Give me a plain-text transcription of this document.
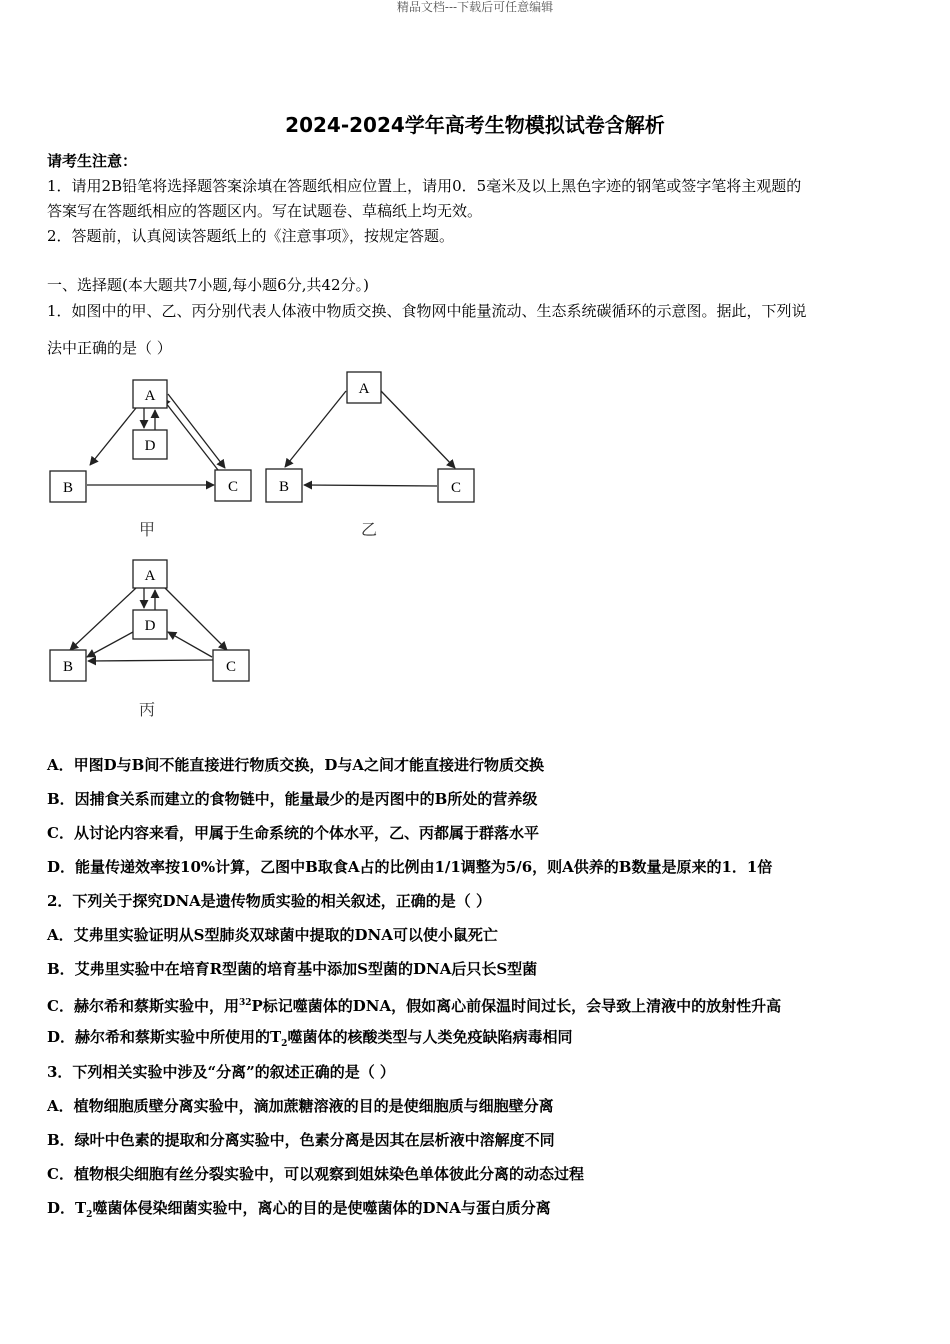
精品文档---下载后可任意编辑
2024-2024学年高考生物模拟试卷含解析
请考生注意：
1．请用2B铅笔将选择题答案涂填在答题纸相应位置上，请用0．5毫米及以上黑色字迹的钢笔或签字笔将主观题的
答案写在答题纸相应的答题区内。写在试题卷、草稿纸上均无效。
2．答题前，认真阅读答题纸上的《注意事项》，按规定答题。
一、选择题(本大题共7小题,每小题6分,共42分。)
1．如图中的甲、乙、丙分别代表人体液中物质交换、食物网中能量流动、生态系统碳循环的示意图。据此，下列说
法中正确的是（ ）
A
D
B	C
甲
A
B	C
乙
A
D
B	C
丙
A．甲图D与B间不能直接进行物质交换，D与A之间才能直接进行物质交换
B．因捕食关系而建立的食物链中，能量最少的是丙图中的B所处的营养级
C．从讨论内容来看，甲属于生命系统的个体水平，乙、丙都属于群落水平
D．能量传递效率按10%计算，乙图中B取食A占的比例由1/1调整为5/6，则A供养的B数量是原来的1．1倍
2．下列关于探究DNA是遗传物质实验的相关叙述，正确的是（ ）
A．艾弗里实验证明从S型肺炎双球菌中提取的DNA可以使小鼠死亡
B．艾弗里实验中在培育R型菌的培育基中添加S型菌的DNA后只长S型菌
C．赫尔希和蔡斯实验中，用$^{32}$P标记噬菌体的DNA，假如离心前保温时间过长，会导致上清液中的放射性升高
D．赫尔希和蔡斯实验中所使用的$T_2$噬菌体的核酸类型与人类免疫缺陷病毒相同
3．下列相关实验中涉及“分离”的叙述正确的是（ ）
A．植物细胞质壁分离实验中，滴加蔗糖溶液的目的是使细胞质与细胞壁分离
B．绿叶中色素的提取和分离实验中，色素分离是因其在层析液中溶解度不同
C．植物根尖细胞有丝分裂实验中，可以观察到姐妹染色单体彼此分离的动态过程
D．$T_2$噬菌体侵染细菌实验中，离心的目的是使噬菌体的DNA与蛋白质分离
